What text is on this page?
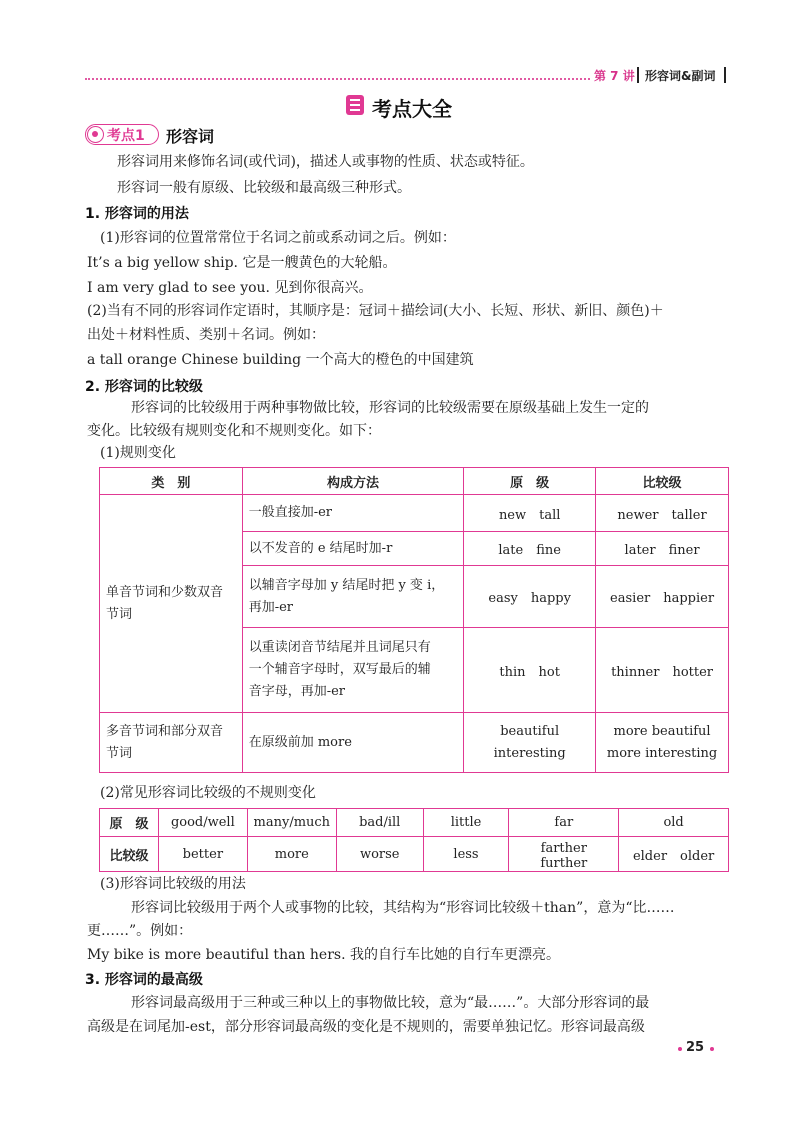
第 7 讲 形容词&副词
考点大全
考点1 形容词
形容词用来修饰名词(或代词)，描述人或事物的性质、状态或特征。
形容词一般有原级、比较级和最高级三种形式。
1. 形容词的用法
(1)形容词的位置常常位于名词之前或系动词之后。例如：
It’s a big yellow ship. 它是一艘黄色的大轮船。
I am very glad to see you. 见到你很高兴。
(2)当有不同的形容词作定语时，其顺序是：冠词＋描绘词(大小、长短、形状、新旧、颜色)＋
出处＋材料性质、类别＋名词。例如：
a tall orange Chinese building 一个高大的橙色的中国建筑
2. 形容词的比较级
形容词的比较级用于两种事物做比较，形容词的比较级需要在原级基础上发生一定的
变化。比较级有规则变化和不规则变化。如下：
(1)规则变化
类　别	构成方法	原　级	比较级
单音节词和少数双音
节词	一般直接加-er	new　tall	newer　taller
	以不发音的 e 结尾时加-r	late　fine	later　finer
	以辅音字母加 y 结尾时把 y 变 i，
再加-er	easy　happy	easier　happier
	以重读闭音节结尾并且词尾只有
一个辅音字母时，双写最后的辅
音字母，再加-er	thin　hot	thinner　hotter
多音节词和部分双音
节词	在原级前加 more	beautiful
interesting	more beautiful
more interesting
(2)常见形容词比较级的不规则变化
原　级	good/well	many/much	bad/ill	little	far	old
比较级	better	more	worse	less	farther　further	elder　older
(3)形容词比较级的用法
形容词比较级用于两个人或事物的比较，其结构为“形容词比较级＋than”，意为“比……
更……”。例如：
My bike is more beautiful than hers. 我的自行车比她的自行车更漂亮。
3. 形容词的最高级
形容词最高级用于三种或三种以上的事物做比较，意为“最……”。大部分形容词的最
高级是在词尾加-est，部分形容词最高级的变化是不规则的，需要单独记忆。形容词最高级
25
